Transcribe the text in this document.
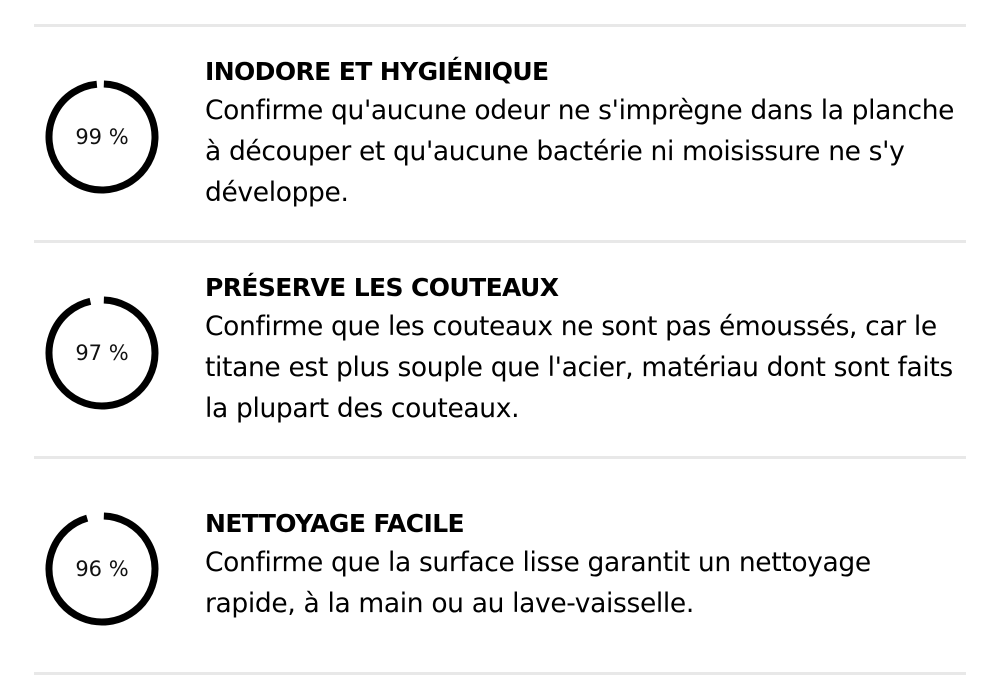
99 %
INODORE ET HYGIÉNIQUE

Confirme qu'aucune odeur ne s'imprègne dans la planche à découper et qu'aucune bactérie ni moisissure ne s'y développe.

97 %
PRÉSERVE LES COUTEAUX

Confirme que les couteaux ne sont pas émoussés, car le titane est plus souple que l'acier, matériau dont sont faits la plupart des couteaux.

96 %
NETTOYAGE FACILE

Confirme que la surface lisse garantit un nettoyage rapide, à la main ou au lave-vaisselle.
